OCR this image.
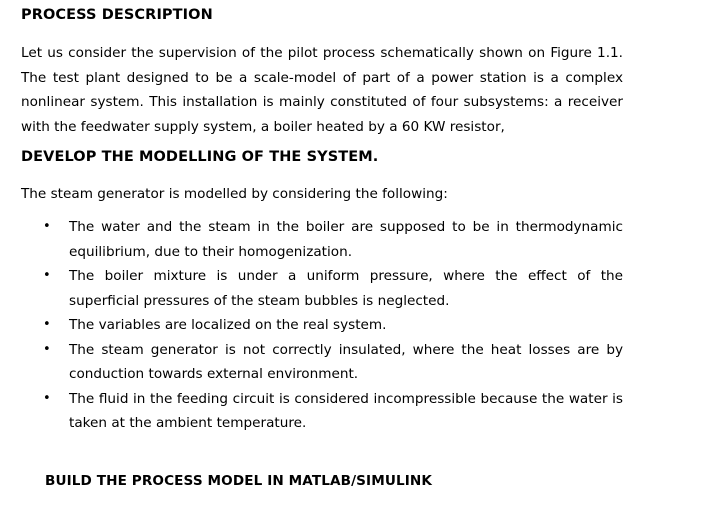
PROCESS DESCRIPTION

Let us consider the supervision of the pilot process schematically shown on Figure 1.1. The test plant designed to be a scale-model of part of a power station is a complex nonlinear system. This installation is mainly constituted of four subsystems: a receiver with the feedwater supply system, a boiler heated by a 60 KW resistor,

DEVELOP THE MODELLING OF THE SYSTEM.

The steam generator is modelled by considering the following:

• The water and the steam in the boiler are supposed to be in thermodynamic equilibrium, due to their homogenization.
• The boiler mixture is under a uniform pressure, where the effect of the superficial pressures of the steam bubbles is neglected.
• The variables are localized on the real system.
• The steam generator is not correctly insulated, where the heat losses are by conduction towards external environment.
• The fluid in the feeding circuit is considered incompressible because the water is taken at the ambient temperature.
BUILD THE PROCESS MODEL IN MATLAB/SIMULINK
